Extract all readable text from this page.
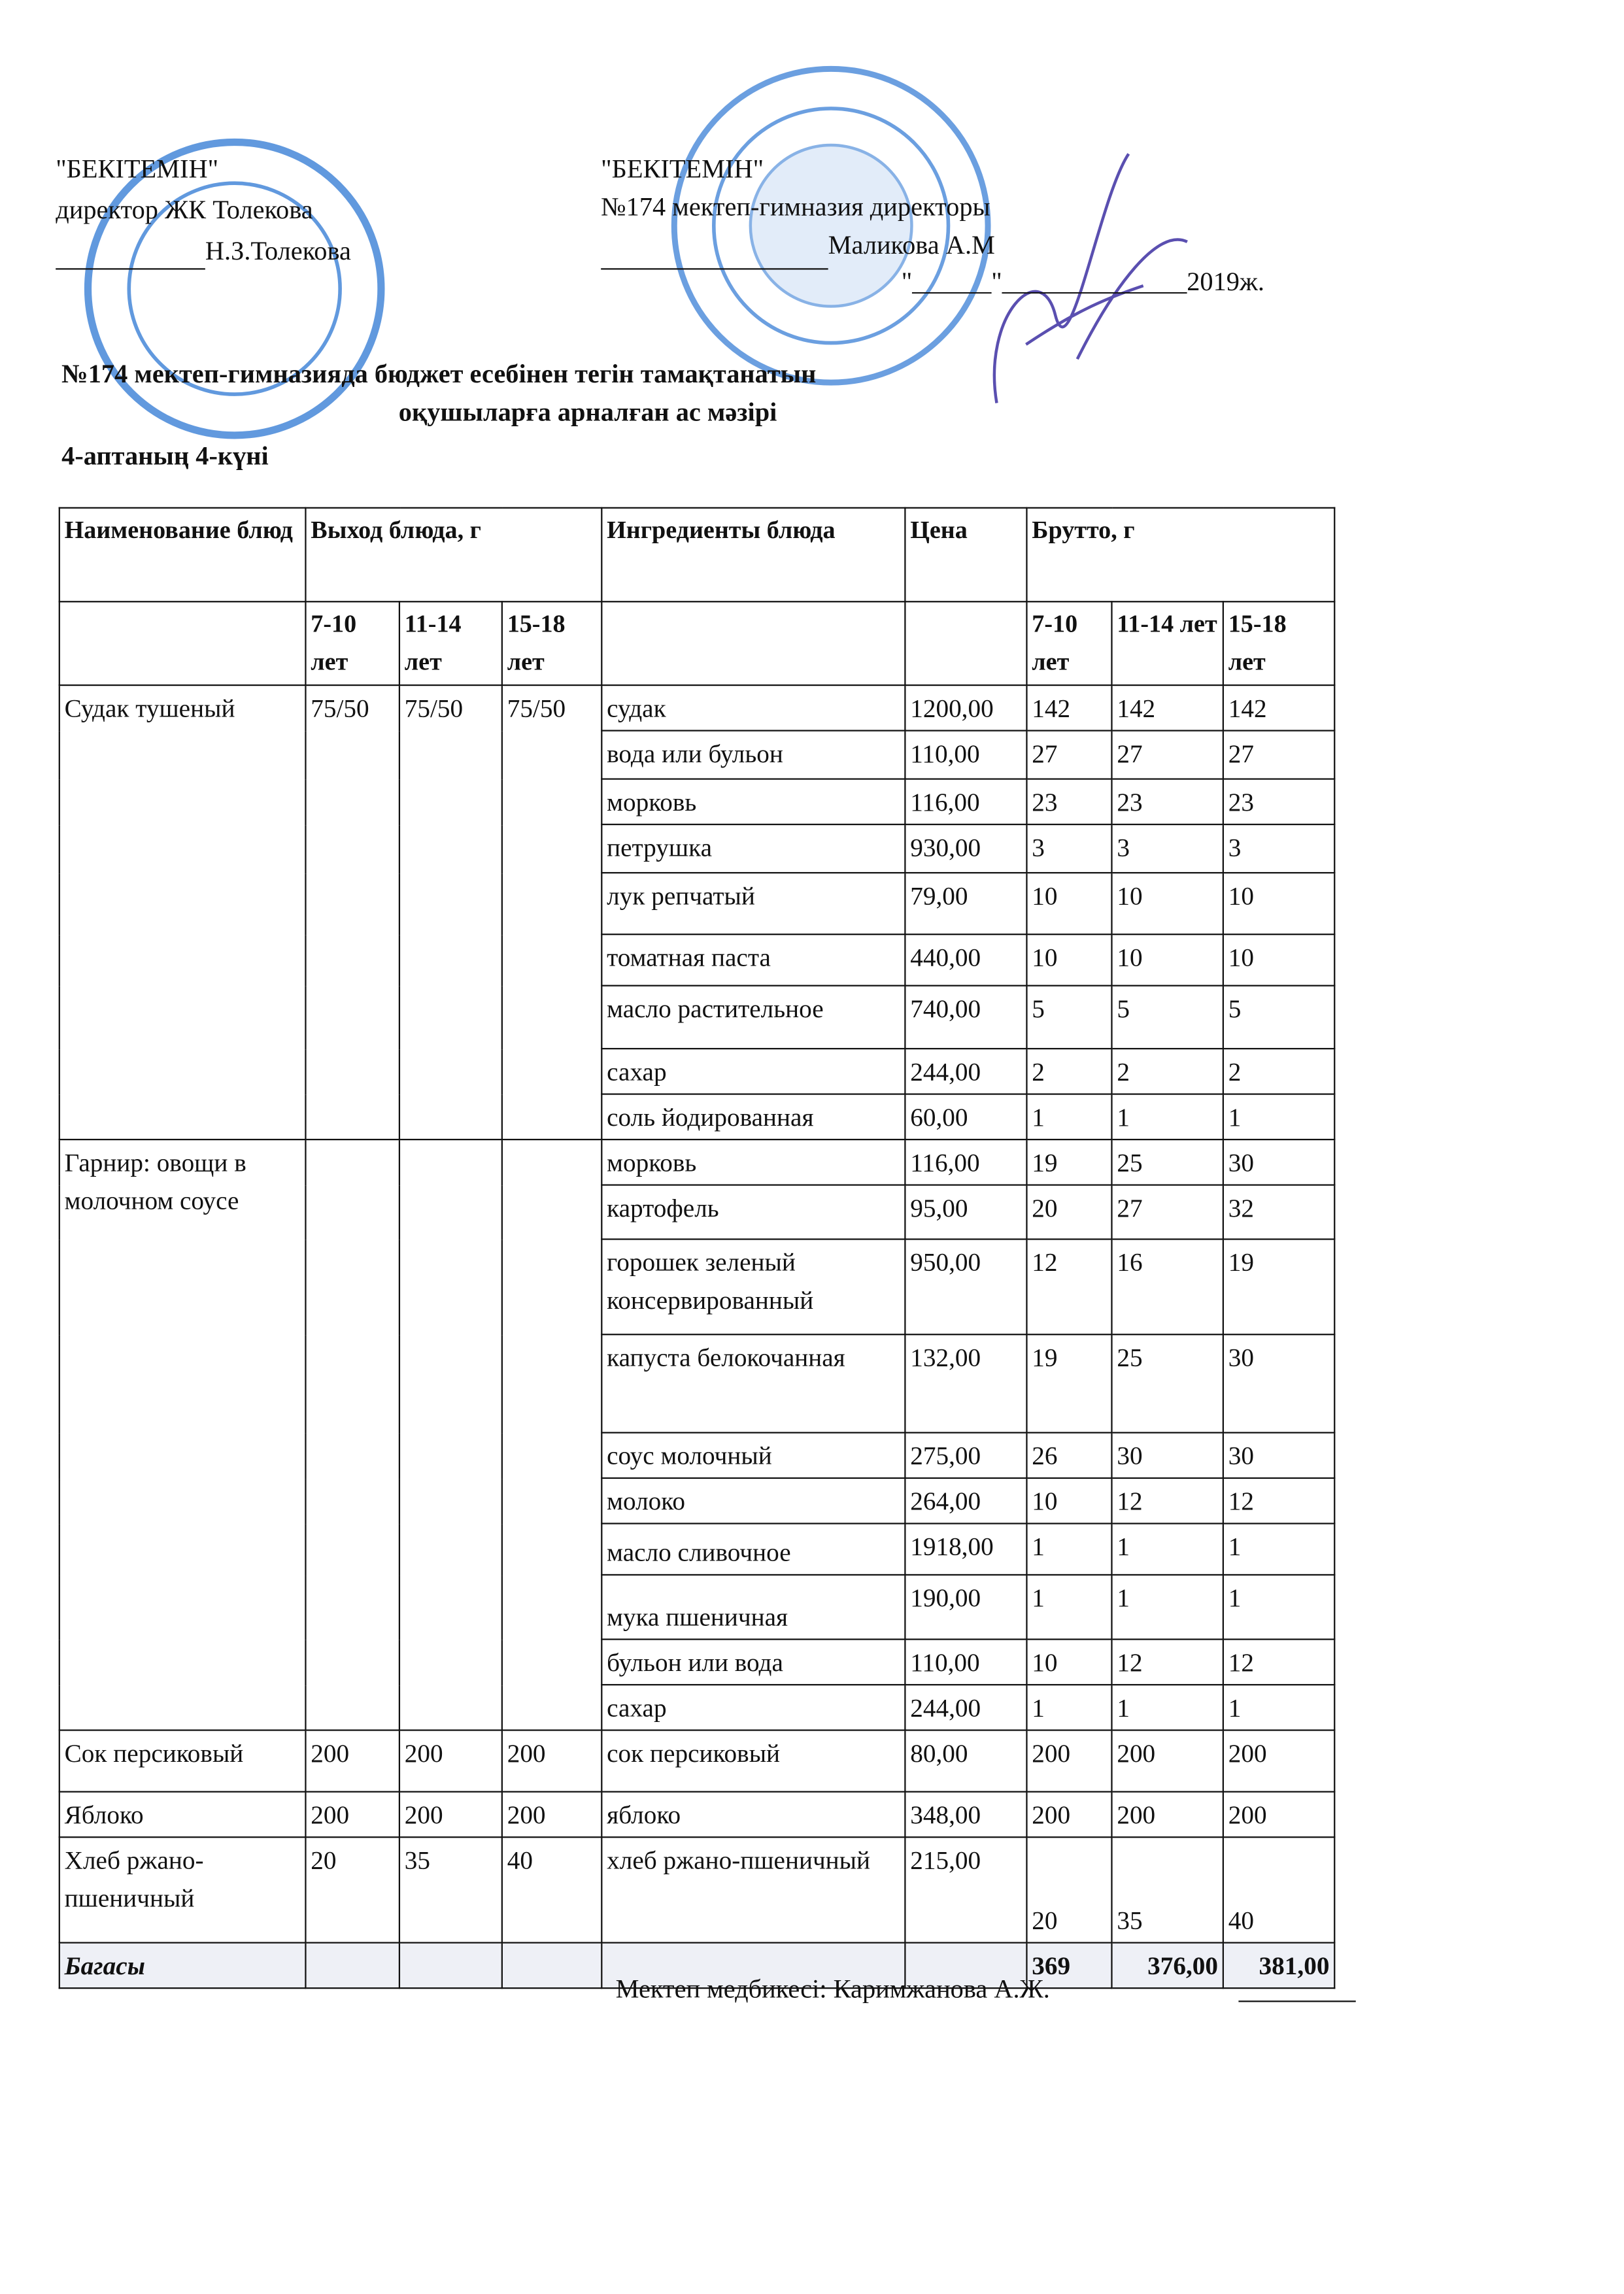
"БЕКІТЕМІН"
директор ЖК Толекова
Н.З.Толекова
"БЕКІТЕМІН"
№174 мектеп-гимназия директоры
Маликова А.М
"______"______________2019ж.
№174 мектеп-гимназияда бюджет есебінен тегін тамақтанатын
оқушыларға арналған ас мәзірі
4-аптаның 4-күні
Наименование блюд	Выход блюда, г			Ингредиенты блюда	Цена	Брутто, г		
	7-10 лет	11-14 лет	15-18 лет			7-10 лет	11-14 лет	15-18 лет
Судак тушеный	75/50	75/50	75/50	судак	1200,00	142	142	142
				вода или бульон	110,00	27	27	27
				морковь	116,00	23	23	23
				петрушка	930,00	3	3	3
				лук репчатый	79,00	10	10	10
				томатная паста	440,00	10	10	10
				масло растительное	740,00	5	5	5
				сахар	244,00	2	2	2
				соль йодированная	60,00	1	1	1
Гарнир: овощи в молочном соусе				морковь	116,00	19	25	30
				картофель	95,00	20	27	32
				горошек зеленый консервированный	950,00	12	16	19
				капуста белокочанная	132,00	19	25	30
				соус молочный	275,00	26	30	30
				молоко	264,00	10	12	12
				масло сливочное	1918,00	1	1	1
				мука пшеничная	190,00	1	1	1
				бульон или вода	110,00	10	12	12
				сахар	244,00	1	1	1
Сок персиковый	200	200	200	сок персиковый	80,00	200	200	200
Яблоко	200	200	200	яблоко	348,00	200	200	200
Хлеб ржано-пшеничный	20	35	40	хлеб ржано-пшеничный	215,00	20	35	40
Багасы						369	376,00	381,00
Мектеп медбикесі: Каримжанова А.Ж.
